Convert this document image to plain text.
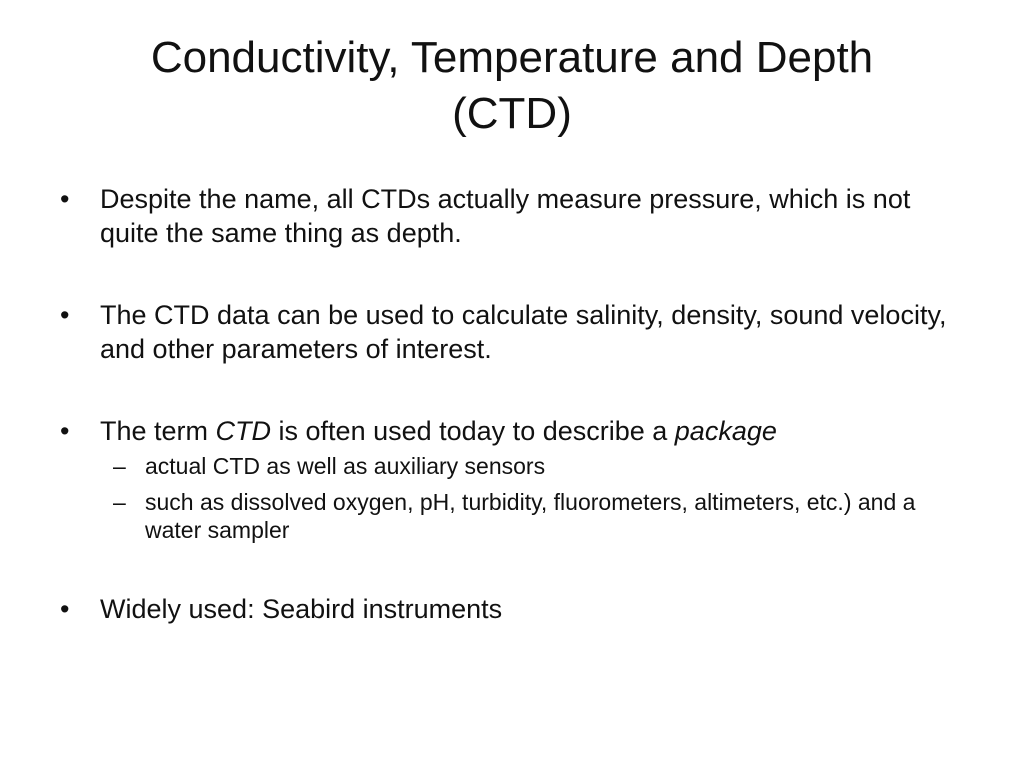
Conductivity, Temperature and Depth
(CTD)
•	Despite the name, all CTDs actually measure pressure, which is not quite the same thing as depth.
•	The CTD data can be used to calculate salinity, density, sound velocity, and other parameters of interest.
•	The term CTD is often used today to describe a package
– actual CTD as well as auxiliary sensors
– such as dissolved oxygen, pH, turbidity, fluorometers, altimeters, etc.) and a water sampler
•	Widely used: Seabird instruments
